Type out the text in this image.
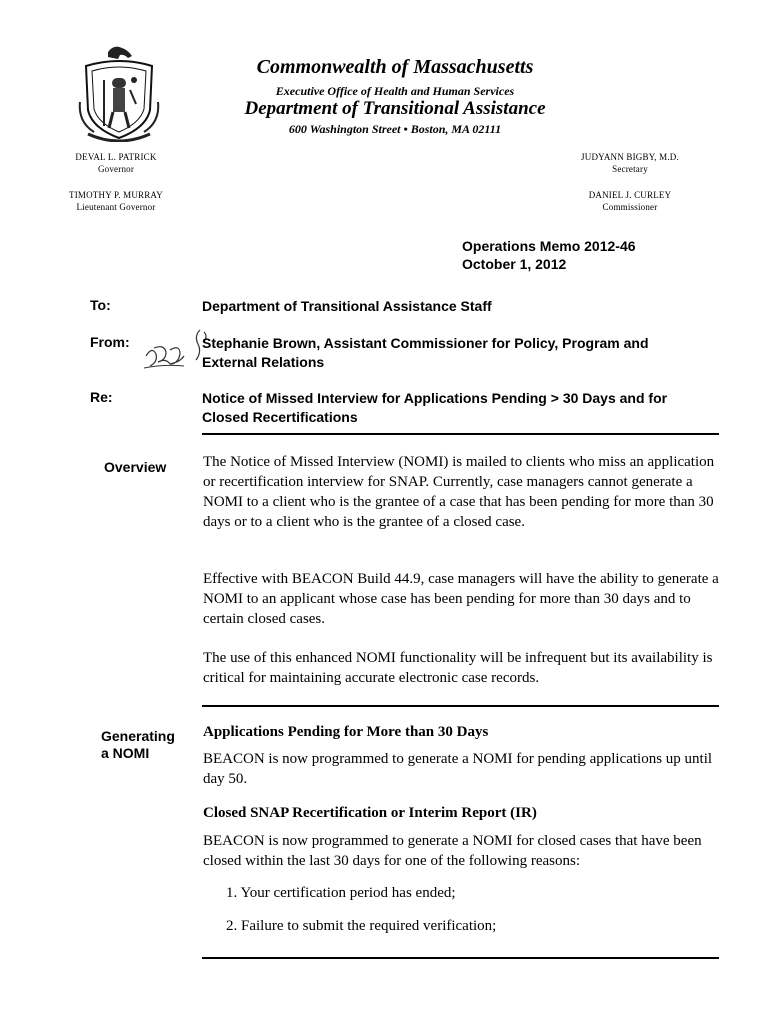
Commonwealth of Massachusetts
Executive Office of Health and Human Services
Department of Transitional Assistance
600 Washington Street • Boston, MA 02111
DEVAL L. PATRICK
Governor
TIMOTHY P. MURRAY
Lieutenant Governor
JUDYANN BIGBY, M.D.
Secretary
DANIEL J. CURLEY
Commissioner
Operations Memo 2012-46
October 1, 2012
To:	Department of Transitional Assistance Staff
From:	Stephanie Brown, Assistant Commissioner for Policy, Program and External Relations
Re:	Notice of Missed Interview for Applications Pending > 30 Days and for Closed Recertifications
Overview	The Notice of Missed Interview (NOMI) is mailed to clients who miss an application or recertification interview for SNAP. Currently, case managers cannot generate a NOMI to a client who is the grantee of a case that has been pending for more than 30 days or to a client who is the grantee of a closed case.
Effective with BEACON Build 44.9, case managers will have the ability to generate a NOMI to an applicant whose case has been pending for more than 30 days and to certain closed cases.
The use of this enhanced NOMI functionality will be infrequent but its availability is critical for maintaining accurate electronic case records.
Generating
a NOMI
Applications Pending for More than 30 Days
BEACON is now programmed to generate a NOMI for pending applications up until day 50.
Closed SNAP Recertification or Interim Report (IR)
BEACON is now programmed to generate a NOMI for closed cases that have been closed within the last 30 days for one of the following reasons:
1. Your certification period has ended;
2. Failure to submit the required verification;
